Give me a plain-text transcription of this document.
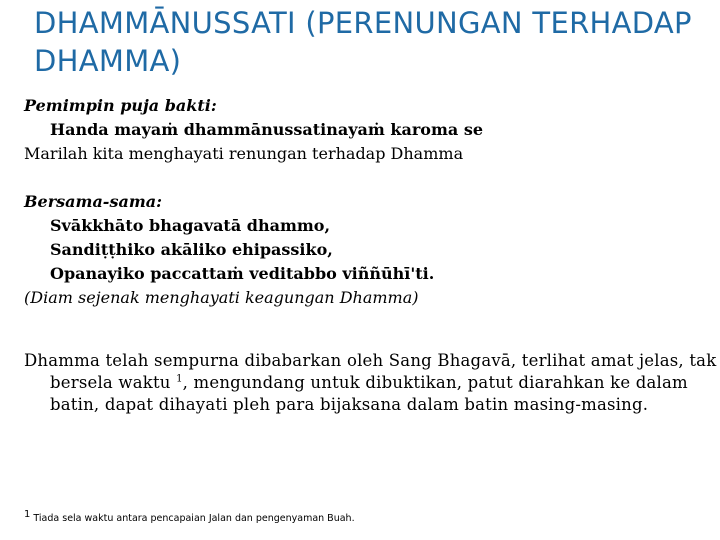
DHAMMĀNUSSATI (PERENUNGAN TERHADAP DHAMMA)
Pemimpin puja bakti:
Handa mayaṁ dhammānussatinayaṁ karoma se
Marilah kita menghayati renungan terhadap Dhamma
Bersama-sama:
Svākkhāto bhagavatā dhammo,
Sandiṭṭhiko akāliko ehipassiko,
Opanayiko paccattaṁ veditabbo viññūhī'ti.
(Diam sejenak menghayati keagungan Dhamma)
Dhamma telah sempurna dibabarkan oleh Sang Bhagavā, terlihat amat jelas, tak bersela waktu $^1$, mengundang untuk dibuktikan, patut diarahkan ke dalam batin, dapat dihayati pleh para bijaksana dalam batin masing-masing.
$^1$ Tiada sela waktu antara pencapaian Jalan dan pengenyaman Buah.
